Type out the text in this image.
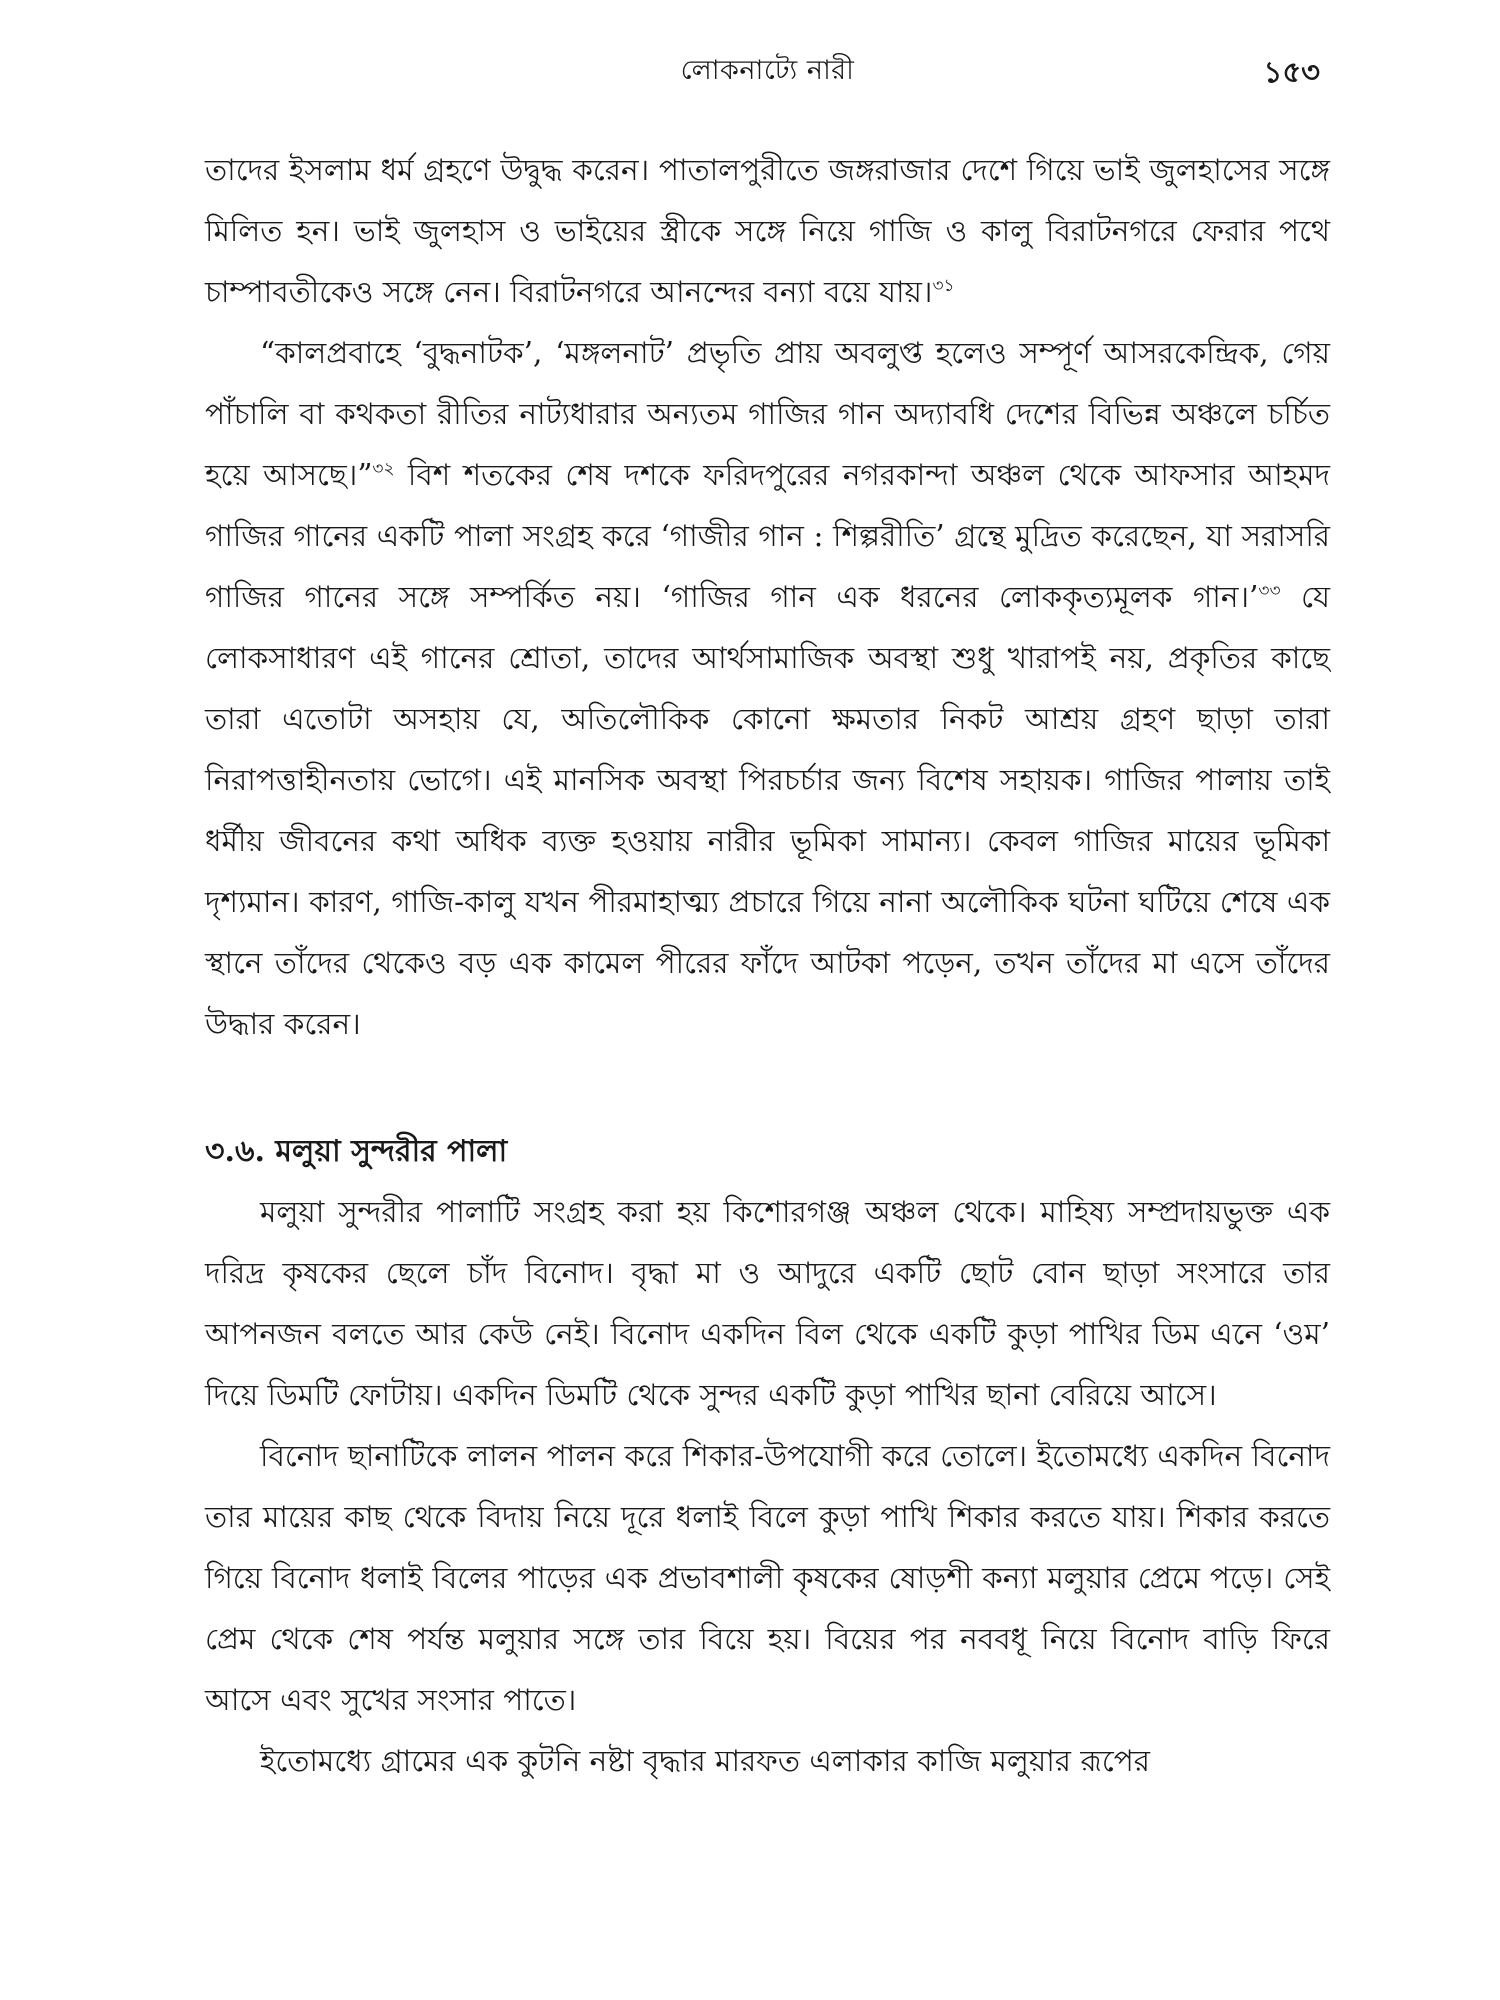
লোকনাট্যে নারী	১৫৩

তাদের ইসলাম ধর্ম গ্রহণে উদ্বুদ্ধ করেন। পাতালপুরীতে জঙ্গরাজার দেশে গিয়ে ভাই জুলহাসের সঙ্গে মিলিত হন। ভাই জুলহাস ও ভাইয়ের স্ত্রীকে সঙ্গে নিয়ে গাজি ও কালু বিরাটনগরে ফেরার পথে চাম্পাবতীকেও সঙ্গে নেন। বিরাটনগরে আনন্দের বন্যা বয়ে যায়।$^{৩১}$

“কালপ্রবাহে ‘বুদ্ধনাটক’, ‘মঙ্গলনাট’ প্রভৃতি প্রায় অবলুপ্ত হলেও সম্পূর্ণ আসরকেন্দ্রিক, গেয় পাঁচালি বা কথকতা রীতির নাট্যধারার অন্যতম গাজির গান অদ্যাবধি দেশের বিভিন্ন অঞ্চলে চর্চিত হয়ে আসছে।”$^{৩২}$ বিশ শতকের শেষ দশকে ফরিদপুরের নগরকান্দা অঞ্চল থেকে আফসার আহমদ গাজির গানের একটি পালা সংগ্রহ করে ‘গাজীর গান : শিল্পরীতি’ গ্রন্থে মুদ্রিত করেছেন, যা সরাসরি গাজির গানের সঙ্গে সম্পর্কিত নয়। ‘গাজির গান এক ধরনের লোককৃত্যমূলক গান।’$^{৩৩}$ যে লোকসাধারণ এই গানের শ্রোতা, তাদের আর্থসামাজিক অবস্থা শুধু খারাপই নয়, প্রকৃতির কাছে তারা এতোটা অসহায় যে, অতিলৌকিক কোনো ক্ষমতার নিকট আশ্রয় গ্রহণ ছাড়া তারা নিরাপত্তাহীনতায় ভোগে। এই মানসিক অবস্থা পিরচর্চার জন্য বিশেষ সহায়ক। গাজির পালায় তাই ধর্মীয় জীবনের কথা অধিক ব্যক্ত হওয়ায় নারীর ভূমিকা সামান্য। কেবল গাজির মায়ের ভূমিকা দৃশ্যমান। কারণ, গাজি-কালু যখন পীরমাহাত্ম্য প্রচারে গিয়ে নানা অলৌকিক ঘটনা ঘটিয়ে শেষে এক স্থানে তাঁদের থেকেও বড় এক কামেল পীরের ফাঁদে আটকা পড়েন, তখন তাঁদের মা এসে তাঁদের উদ্ধার করেন।

৩.৬. মলুয়া সুন্দরীর পালা

মলুয়া সুন্দরীর পালাটি সংগ্রহ করা হয় কিশোরগঞ্জ অঞ্চল থেকে। মাহিষ্য সম্প্রদায়ভুক্ত এক দরিদ্র কৃষকের ছেলে চাঁদ বিনোদ। বৃদ্ধা মা ও আদুরে একটি ছোট বোন ছাড়া সংসারে তার আপনজন বলতে আর কেউ নেই। বিনোদ একদিন বিল থেকে একটি কুড়া পাখির ডিম এনে ‘ওম’ দিয়ে ডিমটি ফোটায়। একদিন ডিমটি থেকে সুন্দর একটি কুড়া পাখির ছানা বেরিয়ে আসে।

বিনোদ ছানাটিকে লালন পালন করে শিকার-উপযোগী করে তোলে। ইতোমধ্যে একদিন বিনোদ তার মায়ের কাছ থেকে বিদায় নিয়ে দূরে ধলাই বিলে কুড়া পাখি শিকার করতে যায়। শিকার করতে গিয়ে বিনোদ ধলাই বিলের পাড়ের এক প্রভাবশালী কৃষকের ষোড়শী কন্যা মলুয়ার প্রেমে পড়ে। সেই প্রেম থেকে শেষ পর্যন্ত মলুয়ার সঙ্গে তার বিয়ে হয়। বিয়ের পর নববধূ নিয়ে বিনোদ বাড়ি ফিরে আসে এবং সুখের সংসার পাতে।

ইতোমধ্যে গ্রামের এক কুটনি নষ্টা বৃদ্ধার মারফত এলাকার কাজি মলুয়ার রূপের
